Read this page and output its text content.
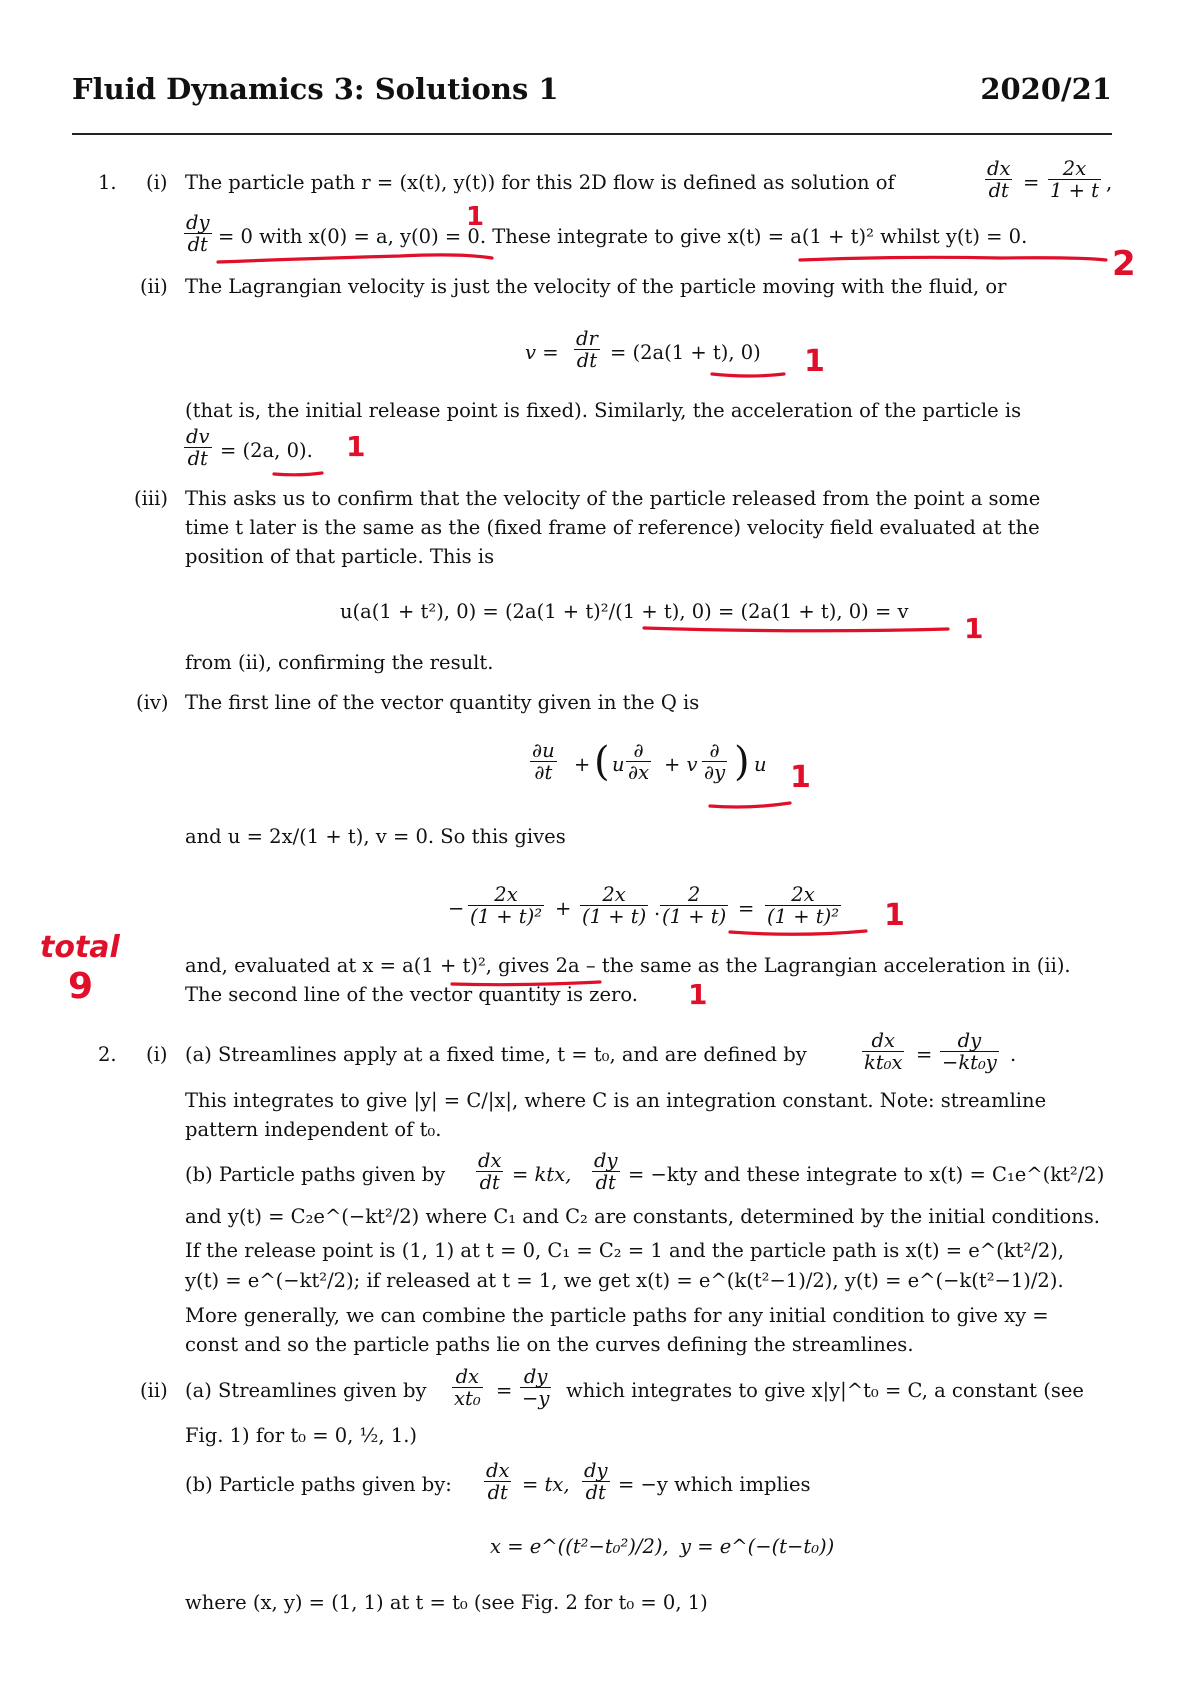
Fluid Dynamics 3: Solutions 1	2020/21
1. (i) The particle path r = (x(t), y(t)) for this 2D flow is defined as solution of	$\frac{dx}{dt} = \frac{2x}{1 + t}$ ,
$\frac{dy}{dt} = 0$ with x(0) = a, y(0) = 0. These integrate to give x(t) = a(1 + t)² whilst y(t) = 0.
(ii) The Lagrangian velocity is just the velocity of the particle moving with the fluid, or
$v = \frac{dr}{dt} = (2a(1 + t)$, 0)
(that is, the initial release point is fixed). Similarly, the acceleration of the particle is
$\frac{dv}{dt} = (2a$, 0).
(iii) This asks us to confirm that the velocity of the particle released from the point a some
time t later is the same as the (fixed frame of reference) velocity field evaluated at the
position of that particle. This is
u(a(1 + t²), 0) = (2a(1 + t)²/(1 + t), 0) = (2a(1 + t), 0) = v
from (ii), confirming the result.
(iv) The first line of the vector quantity given in the Q is
$\frac{\partial u}{\partial t}$ + ( u
∂
∂x + v
∂
∂y ) u
and u = 2x/(1 + t), v = 0. So this gives
− $\frac{2x}{\text{(1 + t)²}} + \frac{2x}{(1 + t)}$ . $\frac{2}{(1 + t)} = \frac{2x}{\text{(1 + t)²}}$
and, evaluated at x = a(1 + t)², gives 2a – the same as the Lagrangian acceleration in (ii).
The second line of the vector quantity is zero.
2. (i) (a) Streamlines apply at a fixed time, t = t₀, and are defined by	$\frac{dx}{\text{kt₀x}} = \frac{dy}{\text{−kt₀y}}$ .
This integrates to give |y| = C/|x|, where C is an integration constant. Note: streamline
pattern independent of t₀.
(b) Particle paths given by $\frac{dx}{dt}$ = ktx, $\frac{dy}{dt} = -kty$ and these integrate to x(t) = C₁e^(kt²/2)
and y(t) = C₂e^(−kt²/2) where C₁ and C₂ are constants, determined by the initial conditions.
If the release point is (1, 1) at t = 0, C₁ = C₂ = 1 and the particle path is x(t) = e^(kt²/2),
y(t) = e^(−kt²/2); if released at t = 1, we get x(t) = e^(k(t²−1)/2), y(t) = e^(−k(t²−1)/2).
More generally, we can combine the particle paths for any initial condition to give xy =
const and so the particle paths lie on the curves defining the streamlines.
(ii) (a) Streamlines given by $\frac{dx}{\text{xt₀}} = \frac{dy}{-y}$ which integrates to give x|y|^t₀ = C, a constant (see
Fig. 1) for t₀ = 0, ½, 1.)
(b) Particle paths given by: $\frac{dx}{dt}$ = tx, $\frac{dy}{dt} = -y$ which implies
x = e^((t²−t₀²)/2), y = e^(−(t−t₀))
where (x, y) = (1, 1) at t = t₀ (see Fig. 2 for t₀ = 0, 1)
1
2
1
1
1
1
1
1
total
9
